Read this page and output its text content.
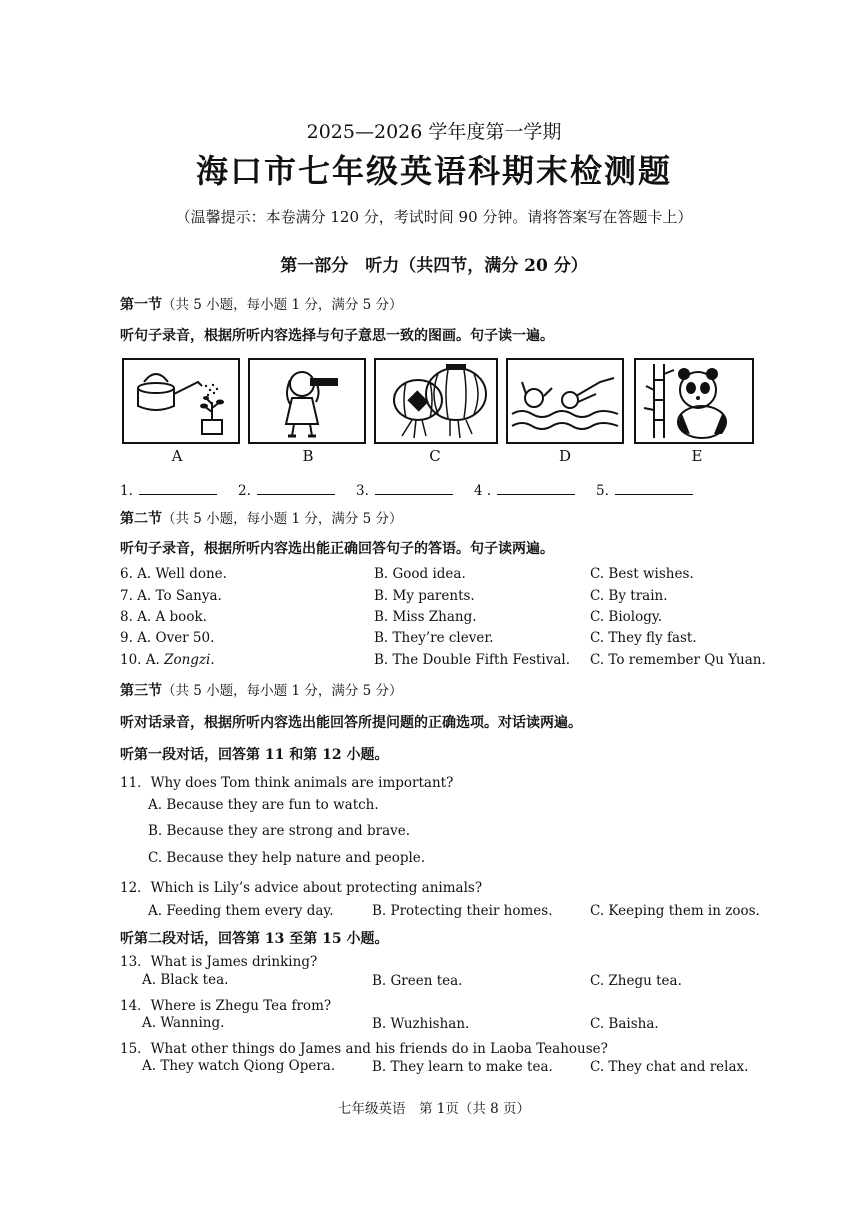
2025—2026 学年度第一学期
海口市七年级英语科期末检测题
（温馨提示：本卷满分 120 分，考试时间 90 分钟。请将答案写在答题卡上）
第一部分　听力（共四节，满分 20 分）
第一节（共 5 小题，每小题 1 分，满分 5 分）
听句子录音，根据所听内容选择与句子意思一致的图画。句子读一遍。
A	B	C	D	E
1.	2.	3.	4 .	5.
第二节（共 5 小题，每小题 1 分，满分 5 分）
听句子录音，根据所听内容选出能正确回答句子的答语。句子读两遍。
6. A. Well done.	B. Good idea.	C. Best wishes.
7. A. To Sanya.	B. My parents.	C. By train.
8. A. A book.	B. Miss Zhang.	C. Biology.
9. A. Over 50.	B. They’re clever.	C. They fly fast.
10. A. Zongzi.	B. The Double Fifth Festival. C. To remember Qu Yuan.
第三节（共 5 小题，每小题 1 分，满分 5 分）
听对话录音，根据所听内容选出能回答所提问题的正确选项。对话读两遍。
听第一段对话，回答第 11 和第 12 小题。
11．Why does Tom think animals are important?
A. Because they are fun to watch.
B. Because they are strong and brave.
C. Because they help nature and people.
12．Which is Lily’s advice about protecting animals?
A. Feeding them every day.	B. Protecting their homes.	C. Keeping them in zoos.
听第二段对话，回答第 13 至第 15 小题。
13．What is James drinking?
A. Black tea.	B. Green tea.	C. Zhegu tea.
14．Where is Zhegu Tea from?
A. Wanning.	B. Wuzhishan.	C. Baisha.
15．What other things do James and his friends do in Laoba Teahouse?
A. They watch Qiong Opera.	B. They learn to make tea.	C. They chat and relax.
七年级英语　第 1页（共 8 页）
